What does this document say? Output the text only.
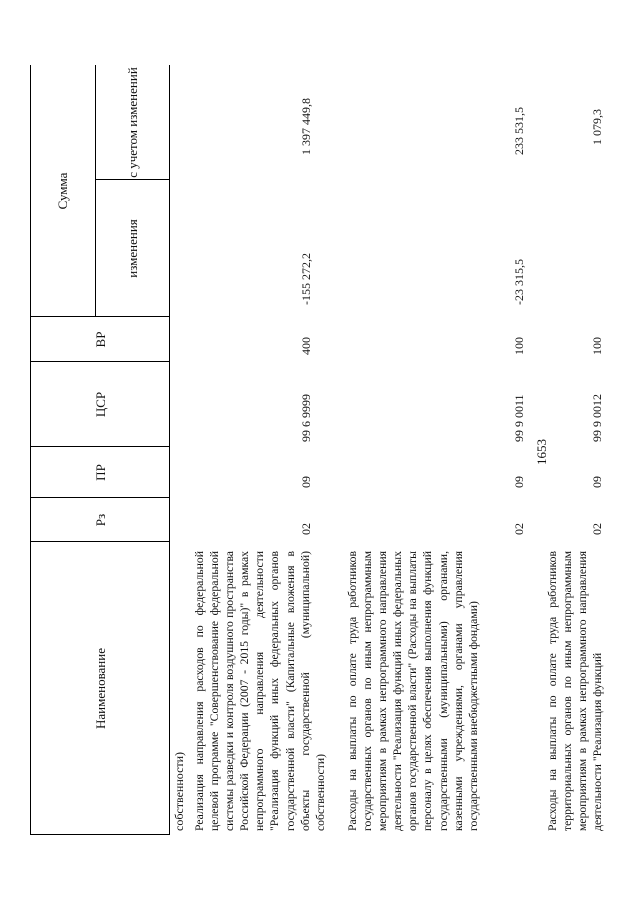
1653
Наименование
Рз
ПР
ЦСР
ВР
Сумма
изменения
с учетом изменений
собственности) Реализация направления расходов по федеральной целевой программе "Совершенствование федеральной системы разведки и контроля воздушного пространства Российской Федерации (2007 - 2015 годы)" в рамках непрограммного направления деятельности "Реализация функций иных федеральных органов государственной власти" (Капитальные вложения в объекты государственной (муниципальной) собственности)
02
09
99 6 9999
400
-155 272,2
1 397 449,8
Расходы на выплаты по оплате труда работников государственных органов по иным непрограммным мероприятиям в рамках непрограммного направления деятельности "Реализация функций иных федеральных органов государственной власти" (Расходы на выплаты персоналу в целях обеспечения выполнения функций государственными (муниципальными) органами, казенными учреждениями, органами управления государственными внебюджетными фондами)
02
09
99 9 0011
100
-23 315,5
233 531,5
Расходы на выплаты по оплате труда работников территориальных органов по иным непрограммным мероприятиям в рамках непрограммного направления деятельности "Реализация функций
02
09
99 9 0012
100
1 079,3
